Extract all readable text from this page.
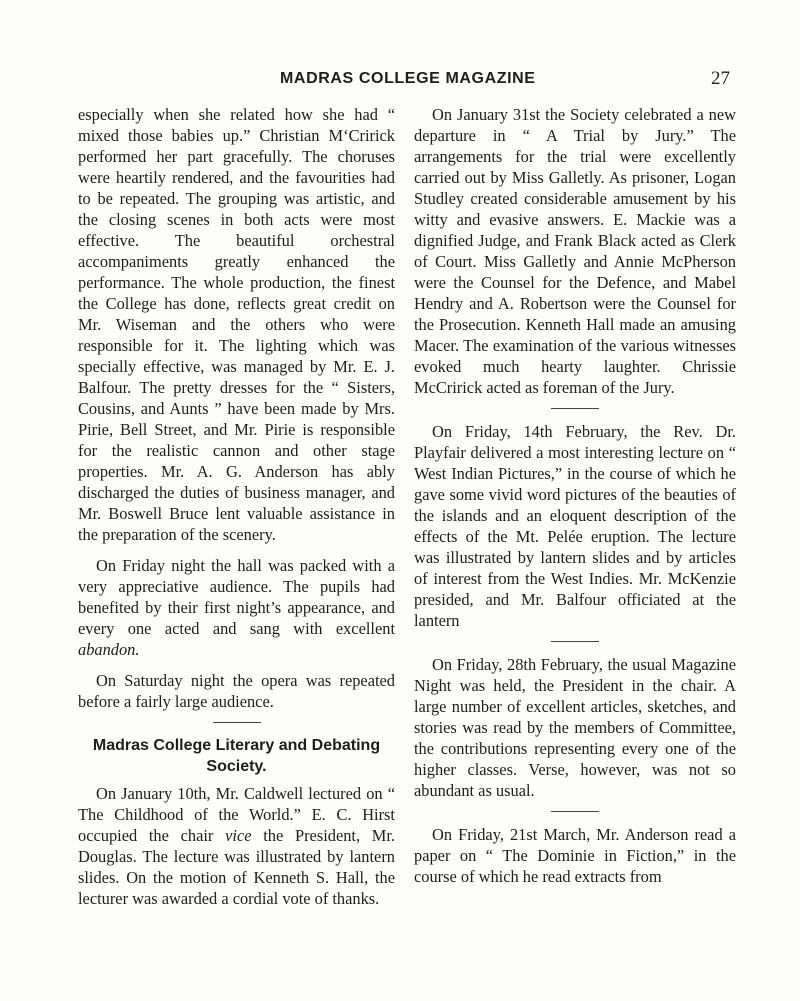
MADRAS COLLEGE MAGAZINE	27

especially when she related how she had “ mixed those babies up.” Christian M‘Cririck performed her part gracefully. The choruses were heartily rendered, and the favourities had to be repeated. The grouping was artistic, and the closing scenes in both acts were most effective. The beautiful orchestral accompaniments greatly enhanced the performance. The whole production, the finest the College has done, reflects great credit on Mr. Wiseman and the others who were responsible for it. The lighting which was specially effective, was managed by Mr. E. J. Balfour. The pretty dresses for the “ Sisters, Cousins, and Aunts ” have been made by Mrs. Pirie, Bell Street, and Mr. Pirie is responsible for the realistic cannon and other stage properties. Mr. A. G. Anderson has ably discharged the duties of business manager, and Mr. Boswell Bruce lent valuable assistance in the preparation of the scenery.

On Friday night the hall was packed with a very appreciative audience. The pupils had benefited by their first night’s appearance, and every one acted and sang with excellent abandon.

On Saturday night the opera was repeated before a fairly large audience.

Madras College Literary and Debating
Society.

On January 10th, Mr. Caldwell lectured on “ The Childhood of the World.” E. C. Hirst occupied the chair vice the President, Mr. Douglas. The lecture was illustrated by lantern slides. On the motion of Kenneth S. Hall, the lecturer was awarded a cordial vote of thanks.

On January 31st the Society celebrated a new departure in “ A Trial by Jury.” The arrangements for the trial were excellently carried out by Miss Galletly. As prisoner, Logan Studley created considerable amusement by his witty and evasive answers. E. Mackie was a dignified Judge, and Frank Black acted as Clerk of Court. Miss Galletly and Annie McPherson were the Counsel for the Defence, and Mabel Hendry and A. Robertson were the Counsel for the Prosecution. Kenneth Hall made an amusing Macer. The examination of the various witnesses evoked much hearty laughter. Chrissie McCririck acted as foreman of the Jury.

On Friday, 14th February, the Rev. Dr. Playfair delivered a most interesting lecture on “ West Indian Pictures,” in the course of which he gave some vivid word pictures of the beauties of the islands and an eloquent description of the effects of the Mt. Pelée eruption. The lecture was illustrated by lantern slides and by articles of interest from the West Indies. Mr. McKenzie presided, and Mr. Balfour officiated at the lantern

On Friday, 28th February, the usual Magazine Night was held, the President in the chair. A large number of excellent articles, sketches, and stories was read by the members of Committee, the contributions representing every one of the higher classes. Verse, however, was not so abundant as usual.

On Friday, 21st March, Mr. Anderson read a paper on “ The Dominie in Fiction,” in the course of which he read extracts from
